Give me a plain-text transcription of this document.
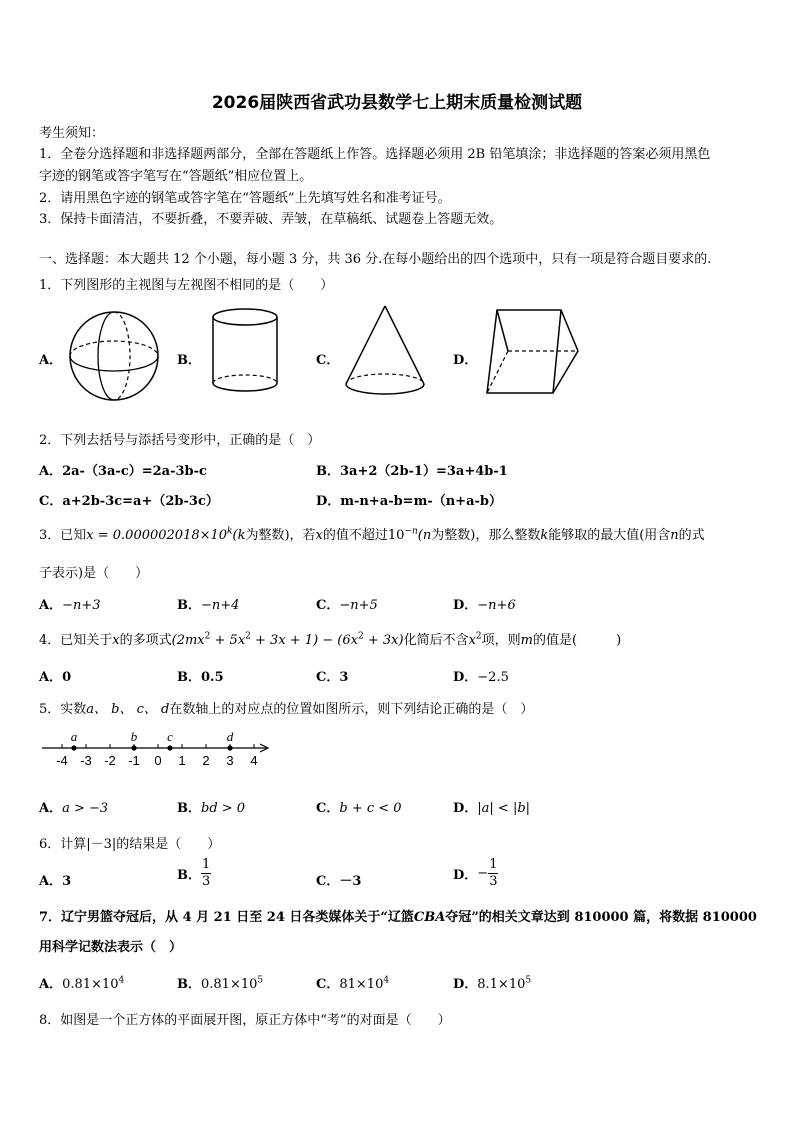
2026届陕西省武功县数学七上期末质量检测试题
考生须知：
1．全卷分选择题和非选择题两部分，全部在答题纸上作答。选择题必须用 2B 铅笔填涂；非选择题的答案必须用黑色
字迹的钢笔或答字笔写在“答题纸”相应位置上。
2．请用黑色字迹的钢笔或答字笔在“答题纸”上先填写姓名和准考证号。
3．保持卡面清洁，不要折叠，不要弄破、弄皱，在草稿纸、试题卷上答题无效。
一、选择题：本大题共 12 个小题，每小题 3 分，共 36 分.在每小题给出的四个选项中，只有一项是符合题目要求的.
1．下列图形的主视图与左视图不相同的是（　　）
A．	B．	C．	D．
2．下列去括号与添括号变形中，正确的是（　）
A．2a-（3a-c）=2a-3b-c	B．3a+2（2b-1）=3a+4b-1
C．a+2b-3c=a+（2b-3c）	D．m-n+a-b=m-（n+a-b）
3．已知$x = 0.000002018\times 10^k(k$为整数)，若x的值不超过$10^{-n}(n$为整数)，那么整数k能够取的最大值(用含n的式
子表示)是（　　）
A．−n+3	B．−n+4	C．−n+5	D．−n+6
4．已知关于x的多项式$(2mx^2 + 5x^2 + 3x + 1) - (6x^2 + 3x)$化简后不含$x^2$项，则m的值是(　　　)
A．0	B．0.5	C．3	D．−2.5
5．实数a、 b、 c、 d在数轴上的对应点的位置如图所示，则下列结论正确的是（　）
-4 -3 -2 -1 0 1 2 3 4
a	b c	d
A．a > −3	B．bd > 0	C．b + c < 0	D．|a| < |b|
6．计算|－3|的结果是（　　）
A．3	B． $\frac{1}{3}$	C．－3	D．− $\frac{1}{3}$
7．辽宁男篮夺冠后，从 4 月 21 日至 24 日各类媒体关于“辽篮CBA夺冠”的相关文章达到 810000 篇，将数据 810000
用科学记数法表示（　）
A．$0.81\times 10^4$	B．$0.81\times 10^5$	C．$81\times 10^4$	D．$8.1\times 10^5$
8．如图是一个正方体的平面展开图，原正方体中“考”的对面是（　　）
